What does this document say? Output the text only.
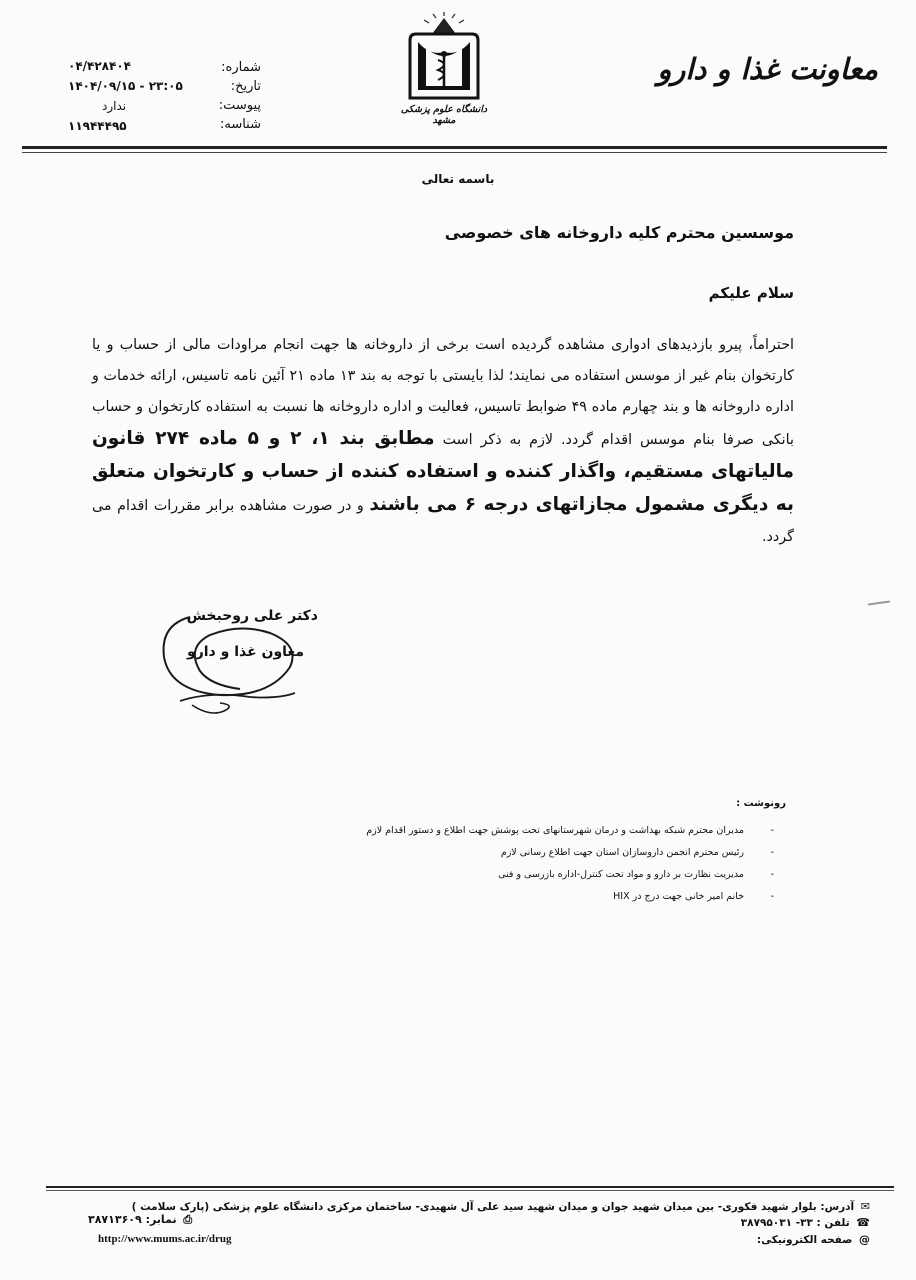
معاونت غذا و دارو
دانشگاه علوم پزشکی مشهد
شماره:
تاریخ:
پیوست:
شناسه:
۰۴/۴۲۸۴۰۴
۱۴۰۴/۰۹/۱۵ - ۲۳:۰۵
ندارد
۱۱۹۴۴۴۹۵
باسمه تعالی
موسسین محترم کلیه داروخانه های خصوصی
سلام علیکم
احتراماً، پیرو بازدیدهای ادواری مشاهده گردیده است برخی از داروخانه ها جهت انجام مراودات مالی از حساب و یا کارتخوان بنام غیر از موسس استفاده می نمایند؛ لذا بایستی با توجه به بند ۱۳ ماده ۲۱ آئین نامه تاسیس، ارائه خدمات و اداره داروخانه ها و بند چهارم ماده ۴۹ ضوابط تاسیس، فعالیت و اداره داروخانه ها نسبت به استفاده کارتخوان و حساب بانکی صرفا بنام موسس اقدام گردد. لازم به ذکر است مطابق بند ۱، ۲ و ۵ ماده ۲۷۴ قانون مالیاتهای مستقیم، واگذار کننده و استفاده کننده از حساب و کارتخوان متعلق به دیگری مشمول مجازاتهای درجه ۶ می باشند و در صورت مشاهده برابر مقررات اقدام می گردد.
دکتر علی روحبخش
معاون غذا و دارو
رونوشت :
-
مدیران محترم شبکه بهداشت و درمان شهرستانهای تحت پوشش جهت اطلاع و دستور اقدام لازم
-
رئیس محترم انجمن داروسازان استان جهت اطلاع رسانی لازم
-
مدیریت نظارت بر دارو و مواد تحت کنترل-اداره بازرسی و فنی
-
خانم امیر خانی جهت درج در HIX
✉ آدرس: بلوار شهید فکوری- بین میدان شهید جوان و میدان شهید سید علی آل شهیدی- ساختمان مرکزی دانشگاه علوم پزشکی (پارک سلامت )
☎ تلفن : ۳۳- ۳۸۷۹۵۰۳۱
@ صفحه الکترونیکی:
⎙ نمابر: ۳۸۷۱۳۶۰۹
http://www.mums.ac.ir/drug
